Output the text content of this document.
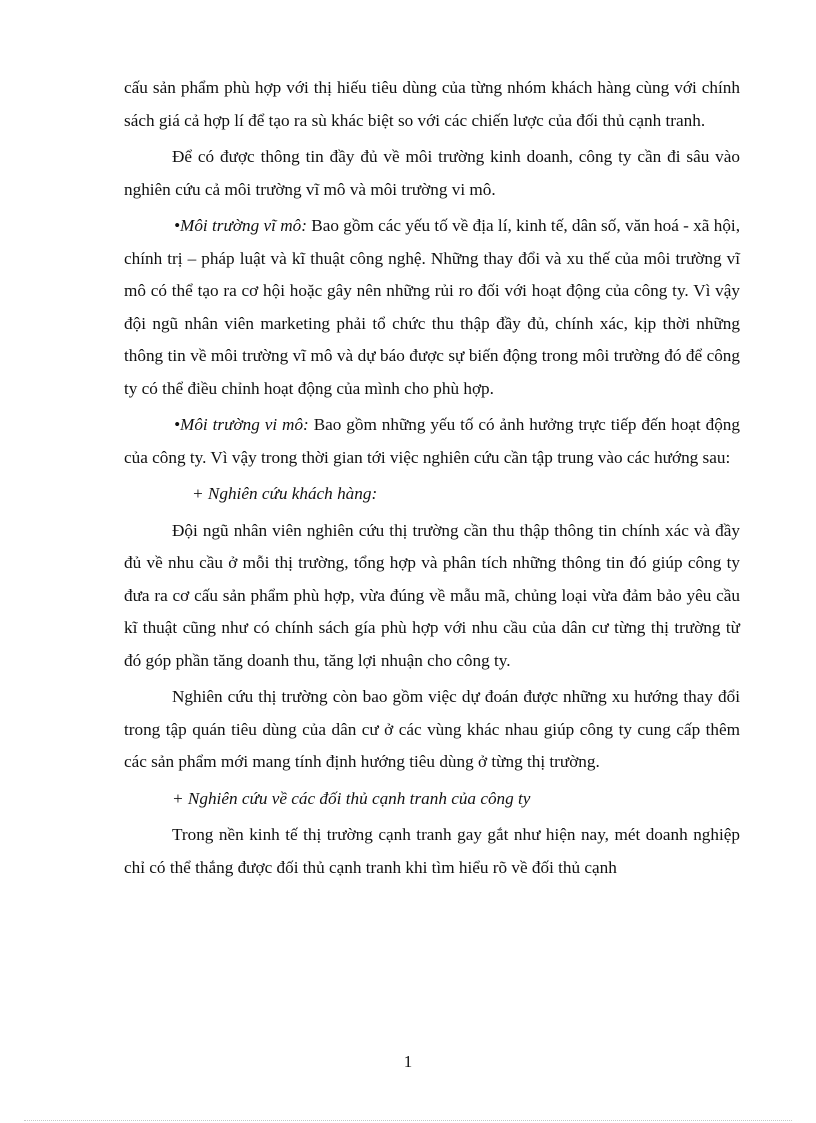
cấu sản phẩm phù hợp với thị hiếu tiêu dùng của từng nhóm khách hàng cùng với chính sách giá cả hợp lí để tạo ra sù khác biệt so với các chiến lược của đối thủ cạnh tranh.

Để có được thông tin đầy đủ về môi trường kinh doanh, công ty cần đi sâu vào nghiên cứu cả môi trường vĩ mô và môi trường vi mô.

•Môi trường vĩ mô: Bao gồm các yếu tố về địa lí, kinh tế, dân số, văn hoá - xã hội, chính trị – pháp luật và kĩ thuật công nghệ. Những thay đổi và xu thế của môi trường vĩ mô có thể tạo ra cơ hội hoặc gây nên những rủi ro đối với hoạt động của công ty. Vì vậy đội ngũ nhân viên marketing phải tổ chức thu thập đầy đủ, chính xác, kịp thời những thông tin về môi trường vĩ mô và dự báo được sự biến động trong môi trường đó để công ty có thể điều chỉnh hoạt động của mình cho phù hợp.

•Môi trường vi mô: Bao gồm những yếu tố có ảnh hưởng trực tiếp đến hoạt động của công ty. Vì vậy trong thời gian tới việc nghiên cứu cần tập trung vào các hướng sau:

+ Nghiên cứu khách hàng:

Đội ngũ nhân viên nghiên cứu thị trường cần thu thập thông tin chính xác và đầy đủ về nhu cầu ở mỗi thị trường, tổng hợp và phân tích những thông tin đó giúp công ty đưa ra cơ cấu sản phẩm phù hợp, vừa đúng về mẫu mã, chủng loại vừa đảm bảo yêu cầu kĩ thuật cũng như có chính sách gía phù hợp với nhu cầu của dân cư từng thị trường từ đó góp phần tăng doanh thu, tăng lợi nhuận cho công ty.

Nghiên cứu thị trường còn bao gồm việc dự đoán được những xu hướng thay đổi trong tập quán tiêu dùng của dân cư ở các vùng khác nhau giúp công ty cung cấp thêm các sản phẩm mới mang tính định hướng tiêu dùng ở từng thị trường.

+ Nghiên cứu về các đối thủ cạnh tranh của công ty

Trong nền kinh tế thị trường cạnh tranh gay gắt như hiện nay, mét doanh nghiệp chỉ có thể thắng được đối thủ cạnh tranh khi tìm hiểu rõ về đối thủ cạnh

1
